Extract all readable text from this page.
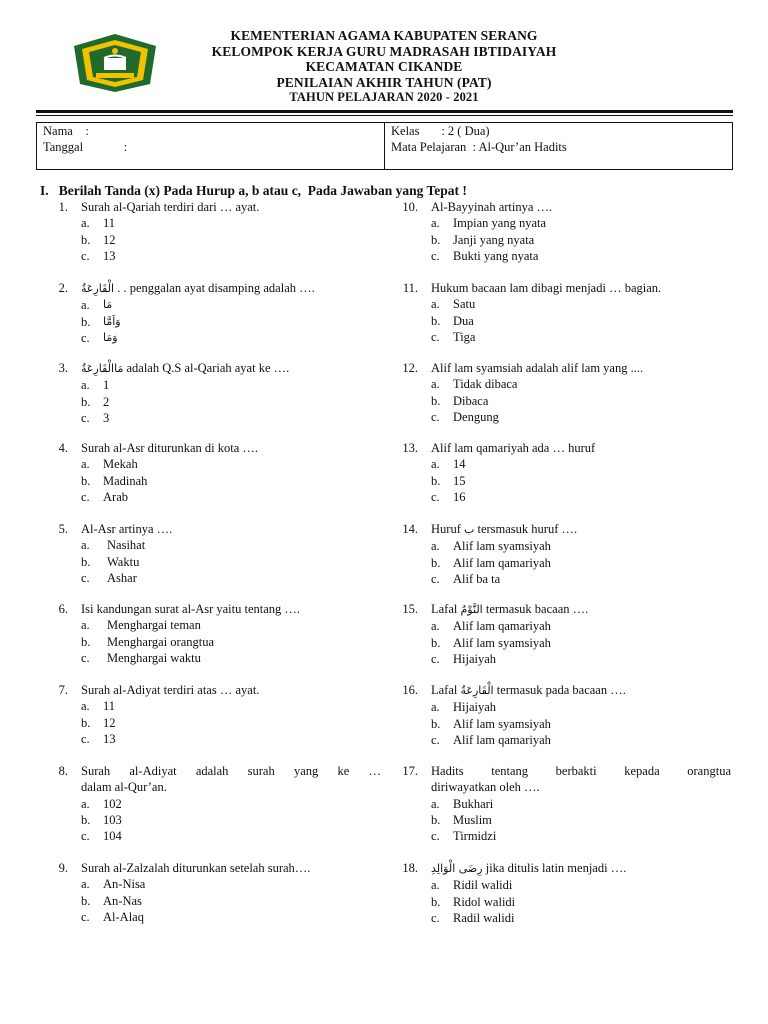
KEMENTERIAN AGAMA KABUPATEN SERANG
KELOMPOK KERJA GURU MADRASAH IBTIDAIYAH
KECAMATAN CIKANDE
PENILAIAN AKHIR TAHUN (PAT)
TAHUN PELAJARAN 2020 - 2021
Nama    :
Tanggal             :
Kelas       : 2 ( Dua)
Mata Pelajaran  : Al-Qur’an Hadits
I.   Berilah Tanda (x) Pada Hurup a, b atau c,  Pada Jawaban yang Tepat !
1. Surah al-Qariah terdiri dari … ayat.
a.	11
b.	12
c.	13
2. الْقَارِعَةُ . . penggalan ayat disamping adalah ….
a.	مَا
b.	وَاَمَّا
c.	وَمَا
3. مَاالْقَارِعَةُ adalah Q.S al-Qariah ayat ke ….
a.	1
b.	2
c.	3
4. Surah al-Asr diturunkan di kota ….
a.	Mekah
b.	Madinah
c.	Arab
5. Al-Asr artinya ….
a.	Nasihat
b.	Waktu
c.	Ashar
6. Isi kandungan surat al-Asr yaitu tentang ….
a.	Menghargai teman
b.	Menghargai orangtua
c.	Menghargai waktu
7. Surah al-Adiyat terdiri atas … ayat.
a.	11
b.	12
c.	13
8. Surah al-Adiyat adalah surah yang ke …
dalam al-Qur’an.
a.	102
b.	103
c.	104
9. Surah al-Zalzalah diturunkan setelah surah….
a.	An-Nisa
b.	An-Nas
c.	Al-Alaq
10. Al-Bayyinah artinya ….
a.	Impian yang nyata
b.	Janji yang nyata
c.	Bukti yang nyata
11. Hukum bacaan lam dibagi menjadi … bagian.
a.	Satu
b.	Dua
c.	Tiga
12. Alif lam syamsiah adalah alif lam yang ....
a.	Tidak dibaca
b.	Dibaca
c.	Dengung
13. Alif lam qamariyah ada … huruf
a.	14
b.	15
c.	16
14. Huruf ب tersmasuk huruf ….
a.	Alif lam syamsiyah
b.	Alif lam qamariyah
c.	Alif ba ta
15. Lafal النَّوْمُ termasuk bacaan ….
a.	Alif lam qamariyah
b.	Alif lam syamsiyah
c.	Hijaiyah
16. Lafal الْقَارِعَةُ termasuk pada bacaan ….
a.	Hijaiyah
b.	Alif lam syamsiyah
c.	Alif lam qamariyah
17. Hadits tentang berbakti kepada orangtua
diriwayatkan oleh ….
a.	Bukhari
b.	Muslim
c.	Tirmidzi
18. رِضَى الْوَالِدِ jika ditulis latin menjadi ….
a.	Ridil walidi
b.	Ridol walidi
c.	Radil walidi
